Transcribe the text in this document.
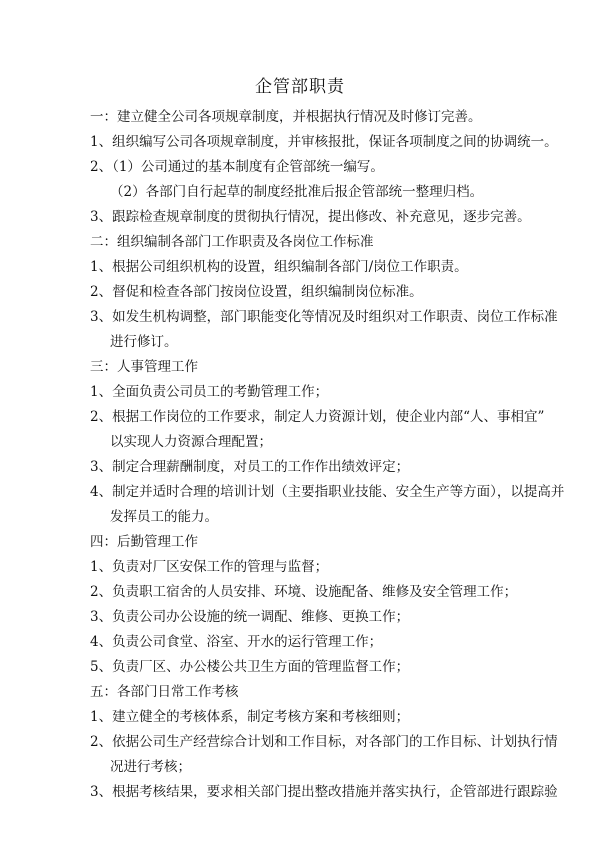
企管部职责
一：建立健全公司各项规章制度，并根据执行情况及时修订完善。
1、组织编写公司各项规章制度，并审核报批，保证各项制度之间的协调统一。
2、（1）公司通过的基本制度有企管部统一编写。
（2）各部门自行起草的制度经批准后报企管部统一整理归档。
3、跟踪检查规章制度的贯彻执行情况，提出修改、补充意见，逐步完善。
二：组织编制各部门工作职责及各岗位工作标准
1、根据公司组织机构的设置，组织编制各部门/岗位工作职责。
2、督促和检查各部门按岗位设置，组织编制岗位标准。
3、如发生机构调整，部门职能变化等情况及时组织对工作职责、岗位工作标准
进行修订。
三：人事管理工作
1、全面负责公司员工的考勤管理工作；
2、根据工作岗位的工作要求，制定人力资源计划，使企业内部“人、事相宜”
以实现人力资源合理配置；
3、制定合理薪酬制度，对员工的工作作出绩效评定；
4、制定并适时合理的培训计划（主要指职业技能、安全生产等方面），以提高并
发挥员工的能力。
四：后勤管理工作
1、负责对厂区安保工作的管理与监督；
2、负责职工宿舍的人员安排、环境、设施配备、维修及安全管理工作；
3、负责公司办公设施的统一调配、维修、更换工作；
4、负责公司食堂、浴室、开水的运行管理工作；
5、负责厂区、办公楼公共卫生方面的管理监督工作；
五：各部门日常工作考核
1、建立健全的考核体系，制定考核方案和考核细则；
2、依据公司生产经营综合计划和工作目标，对各部门的工作目标、计划执行情
况进行考核；
3、根据考核结果，要求相关部门提出整改措施并落实执行，企管部进行跟踪验
